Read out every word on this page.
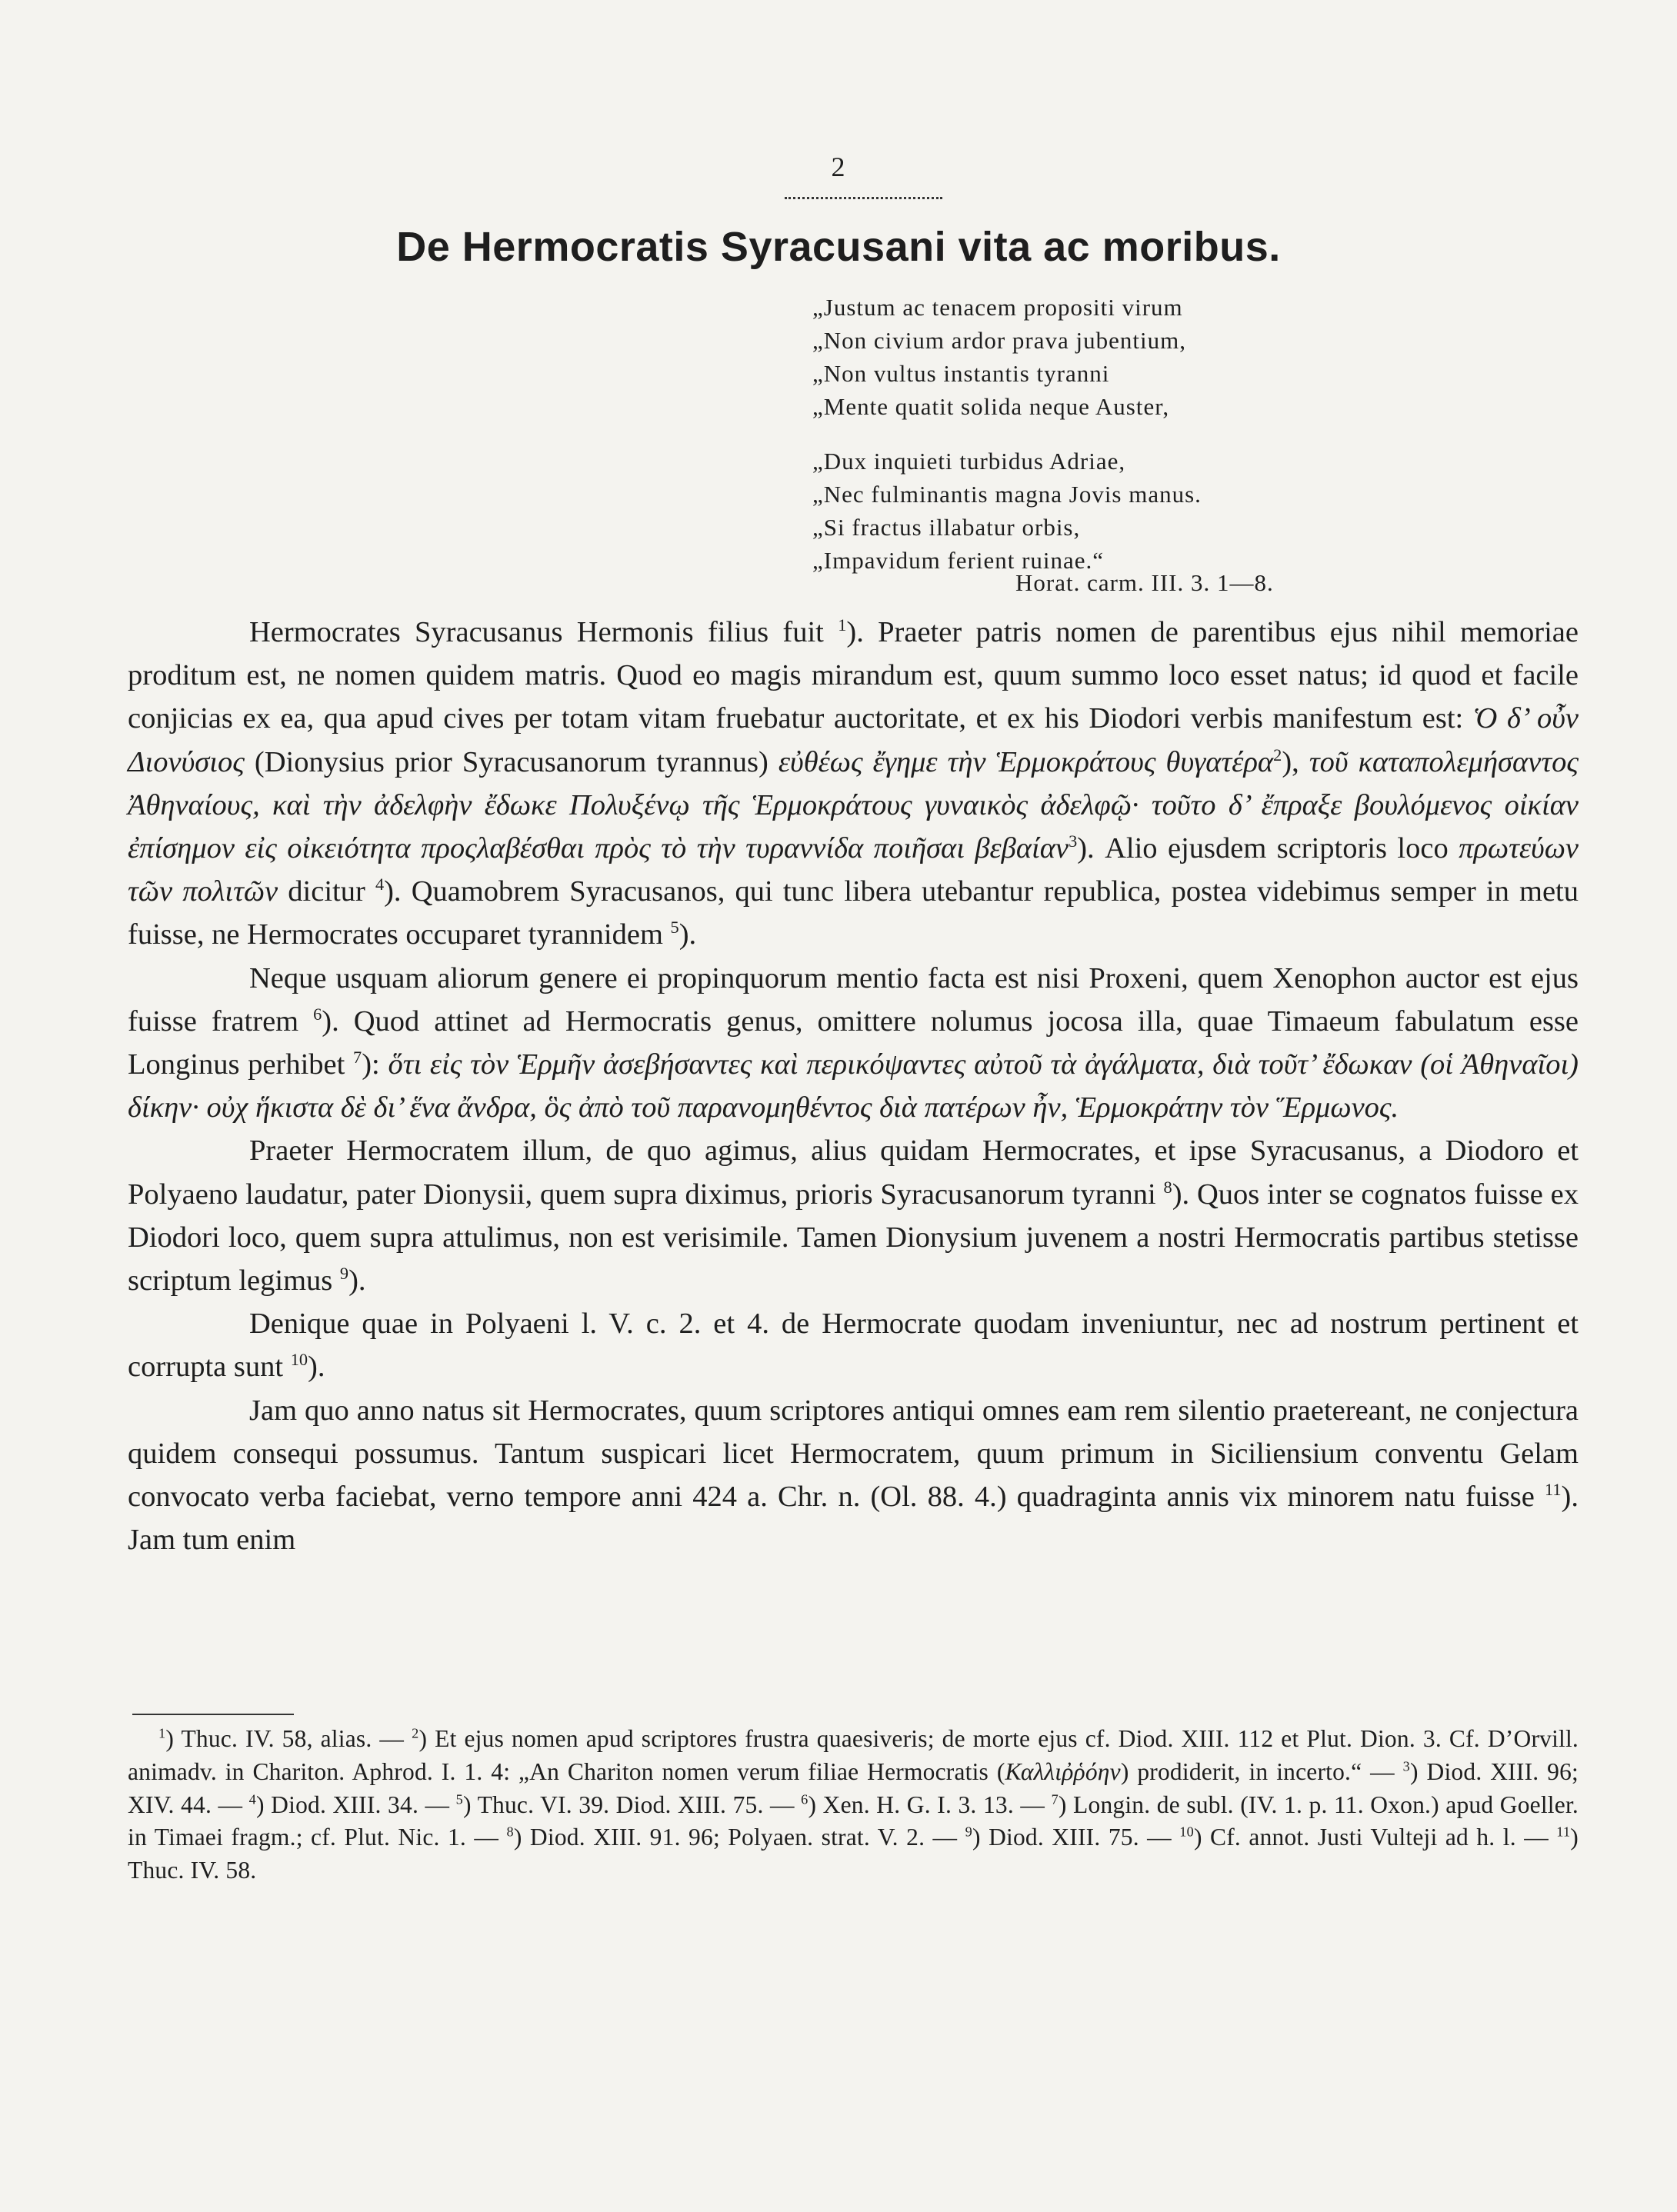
2
De Hermocratis Syracusani vita ac moribus.
„Justum ac tenacem propositi virum
„Non civium ardor prava jubentium,
„Non vultus instantis tyranni
„Mente quatit solida neque Auster,
„Dux inquieti turbidus Adriae,
„Nec fulminantis magna Jovis manus.
„Si fractus illabatur orbis,
„Impavidum ferient ruinae.“
Horat. carm. III. 3. 1—8.

Hermocrates Syracusanus Hermonis filius fuit $^1$). Praeter patris nomen de parentibus ejus nihil memoriae proditum est, ne nomen quidem matris. Quod eo magis mirandum est, quum summo loco esset natus; id quod et facile conjicias ex ea, qua apud cives per totam vitam fruebatur auctoritate, et ex his Diodori verbis manifestum est: Ὁ δ’ οὖν Διονύσιος (Dionysius prior Syracusanorum tyrannus) εὐθέως ἔγημε τὴν Ἑρμοκράτους θυγατέρα$^2$), τοῦ καταπολεμήσαντος Ἀθηναίους, καὶ τὴν ἀδελφὴν ἔδωκε Πολυξένῳ τῆς Ἑρμοκράτους γυναικὸς ἀδελφῷ· τοῦτο δ’ ἔπραξε βουλόμενος οἰκίαν ἐπίσημον εἰς οἰκειότητα προςλαβέσθαι πρὸς τὸ τὴν τυραννίδα ποιῆσαι βεβαίαν$^3$). Alio ejusdem scriptoris loco πρωτεύων τῶν πολιτῶν dicitur $^4$). Quamobrem Syracusanos, qui tunc libera utebantur republica, postea videbimus semper in metu fuisse, ne Hermocrates occuparet tyrannidem $^5$).

Neque usquam aliorum genere ei propinquorum mentio facta est nisi Proxeni, quem Xenophon auctor est ejus fuisse fratrem $^6$). Quod attinet ad Hermocratis genus, omittere nolumus jocosa illa, quae Timaeum fabulatum esse Longinus perhibet $^7$): ὅτι εἰς τὸν Ἑρμῆν ἀσεβήσαντες καὶ περικόψαντες αὐτοῦ τὰ ἀγάλματα, διὰ τοῦτ’ ἔδωκαν (οἱ Ἀθηναῖοι) δίκην· οὐχ ἥκιστα δὲ δι’ ἕνα ἄνδρα, ὃς ἀπὸ τοῦ παρανομηθέντος διὰ πατέρων ἦν, Ἑρμοκράτην τὸν Ἕρμωνος.

Praeter Hermocratem illum, de quo agimus, alius quidam Hermocrates, et ipse Syracusanus, a Diodoro et Polyaeno laudatur, pater Dionysii, quem supra diximus, prioris Syracusanorum tyranni $^8$). Quos inter se cognatos fuisse ex Diodori loco, quem supra attulimus, non est verisimile. Tamen Dionysium juvenem a nostri Hermocratis partibus stetisse scriptum legimus $^9$).

Denique quae in Polyaeni l. V. c. 2. et 4. de Hermocrate quodam inveniuntur, nec ad nostrum pertinent et corrupta sunt $^{10}$).

Jam quo anno natus sit Hermocrates, quum scriptores antiqui omnes eam rem silentio praetereant, ne conjectura quidem consequi possumus. Tantum suspicari licet Hermocratem, quum primum in Siciliensium conventu Gelam convocato verba faciebat, verno tempore anni 424 a. Chr. n. (Ol. 88. 4.) quadraginta annis vix minorem natu fuisse $^{11}$). Jam tum enim

$^1$) Thuc. IV. 58, alias. — $^2$) Et ejus nomen apud scriptores frustra quaesiveris; de morte ejus cf. Diod. XIII. 112 et Plut. Dion. 3. Cf. D’Orvill. animadv. in Chariton. Aphrod. I. 1. 4: „An Chariton nomen verum filiae Hermocratis (Καλλιῤῥόην) prodiderit, in incerto.“ — $^3$) Diod. XIII. 96; XIV. 44. — $^4$) Diod. XIII. 34. — $^5$) Thuc. VI. 39. Diod. XIII. 75. — $^6$) Xen. H. G. I. 3. 13. — $^7$) Longin. de subl. (IV. 1. p. 11. Oxon.) apud Goeller. in Timaei fragm.; cf. Plut. Nic. 1. — $^8$) Diod. XIII. 91. 96; Polyaen. strat. V. 2. — $^9$) Diod. XIII. 75. — $^{10}$) Cf. annot. Justi Vulteji ad h. l. — $^{11}$) Thuc. IV. 58.
